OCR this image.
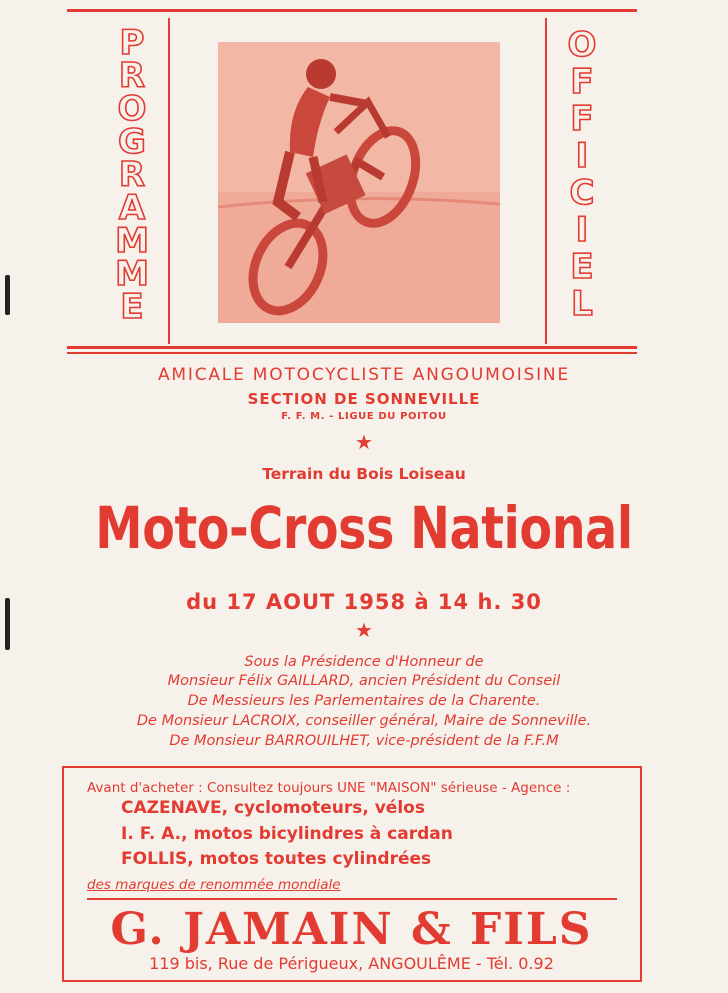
P
R
O
G
R
A
M
M
E
O
F
F
I
C
I
E
L
AMICALE MOTOCYCLISTE ANGOUMOISINE
SECTION DE SONNEVILLE
F. F. M. - LIGUE DU POITOU
★
Terrain du Bois Loiseau
Moto-Cross National
du 17 AOUT 1958 à 14 h. 30
★
Sous la Présidence d'Honneur de
Monsieur Félix GAILLARD, ancien Président du Conseil
De Messieurs les Parlementaires de la Charente.
De Monsieur LACROIX, conseiller général, Maire de Sonneville.
De Monsieur BARROUILHET, vice-président de la F.F.M
Avant d'acheter : Consultez toujours UNE "MAISON" sérieuse - Agence :
CAZENAVE, cyclomoteurs, vélos
I. F. A., motos bicylindres à cardan
FOLLIS, motos toutes cylindrées
des marques de renommée mondiale
G. JAMAIN & FILS
119 bis, Rue de Périgueux, ANGOULÊME - Tél. 0.92
